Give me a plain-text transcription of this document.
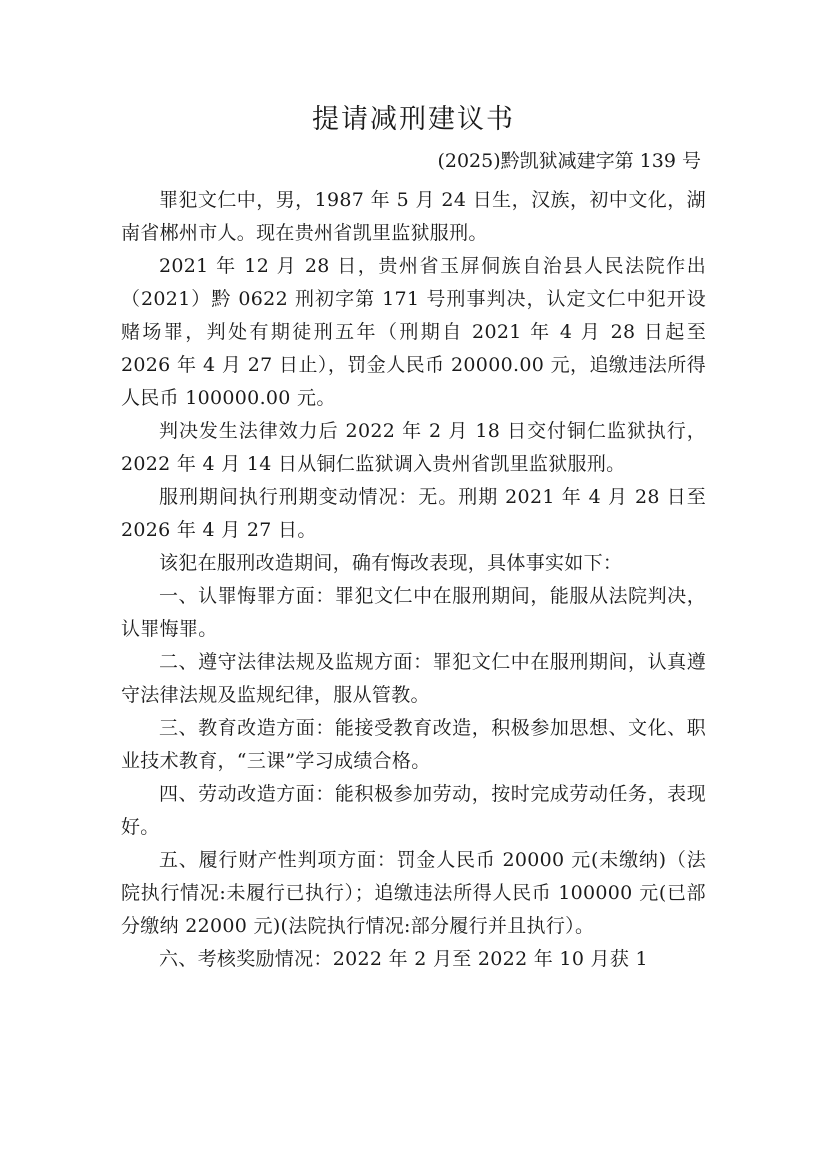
提请减刑建议书
(2025)黔凯狱减建字第 139 号

罪犯文仁中，男，1987 年 5 月 24 日生，汉族，初中文化，湖南省郴州市人。现在贵州省凯里监狱服刑。

2021 年 12 月 28 日，贵州省玉屏侗族自治县人民法院作出（2021）黔 0622 刑初字第 171 号刑事判决，认定文仁中犯开设赌场罪，判处有期徒刑五年（刑期自 2021 年 4 月 28 日起至 2026 年 4 月 27 日止），罚金人民币 20000.00 元，追缴违法所得人民币 100000.00 元。

判决发生法律效力后 2022 年 2 月 18 日交付铜仁监狱执行，2022 年 4 月 14 日从铜仁监狱调入贵州省凯里监狱服刑。

服刑期间执行刑期变动情况：无。刑期 2021 年 4 月 28 日至 2026 年 4 月 27 日。

该犯在服刑改造期间，确有悔改表现，具体事实如下：

一、认罪悔罪方面：罪犯文仁中在服刑期间，能服从法院判决，认罪悔罪。

二、遵守法律法规及监规方面：罪犯文仁中在服刑期间，认真遵守法律法规及监规纪律，服从管教。

三、教育改造方面：能接受教育改造，积极参加思想、文化、职业技术教育，“三课”学习成绩合格。

四、劳动改造方面：能积极参加劳动，按时完成劳动任务，表现好。

五、履行财产性判项方面：罚金人民币 20000 元(未缴纳)（法院执行情况:未履行已执行）；追缴违法所得人民币 100000 元(已部分缴纳 22000 元)(法院执行情况:部分履行并且执行）。

六、考核奖励情况：2022 年 2 月至 2022 年 10 月获 1
